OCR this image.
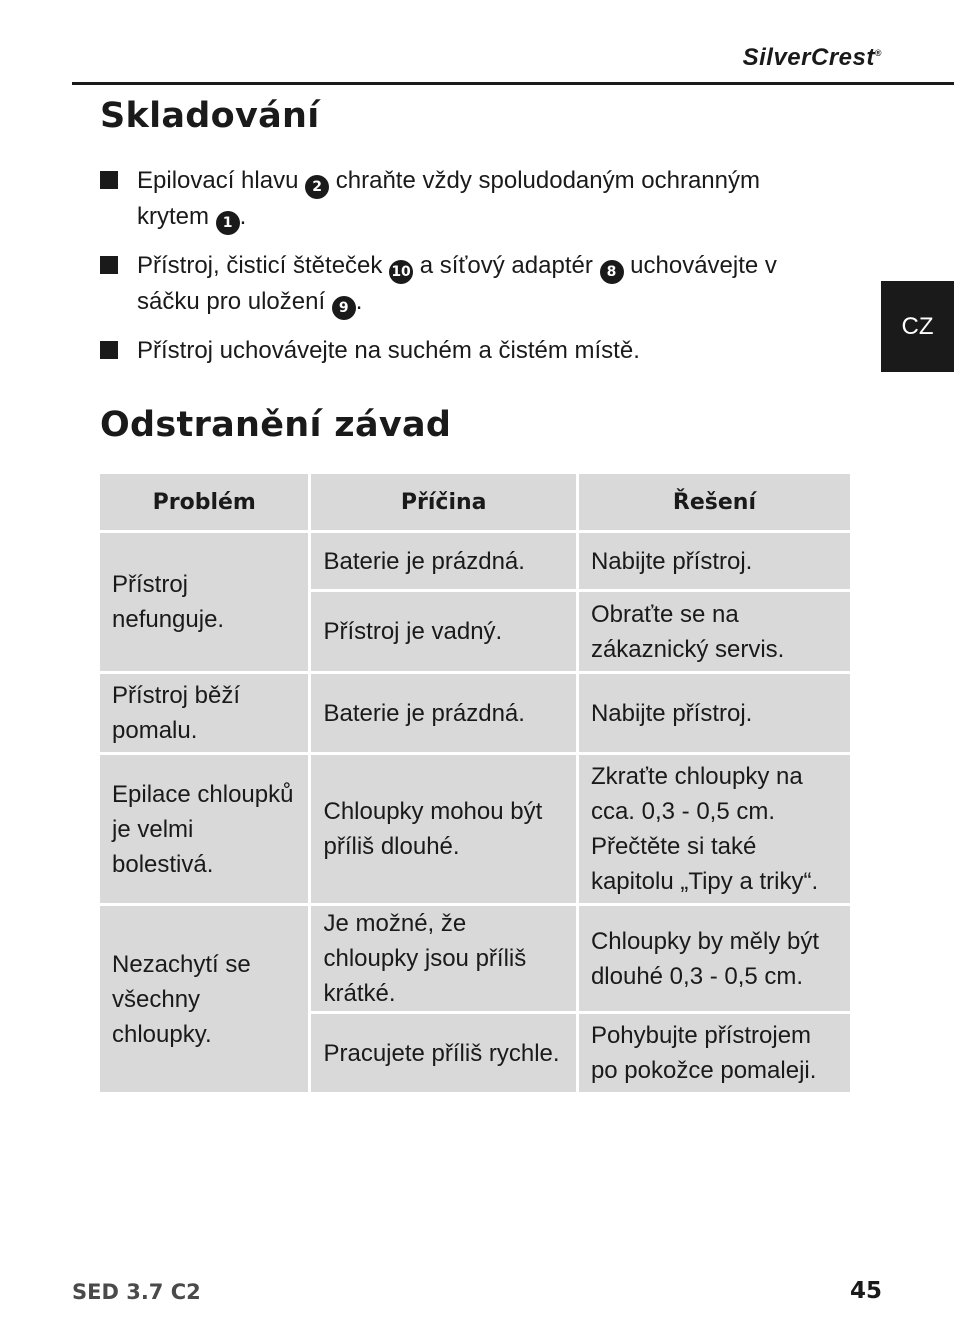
SilverCrest®
CZ
Skladování
Epilovací hlavu 2 chraňte vždy spoludodaným ochranným krytem 1 .
Přístroj, čisticí štěteček 10 a síťový adaptér 8 uchovávejte v sáčku pro uložení 9 .
Přístroj uchovávejte na suchém a čistém místě.
Odstranění závad
Problém	Příčina	Řešení
Přístroj nefunguje.	Baterie je prázdná.	Nabijte přístroj.
	Přístroj je vadný.	Obraťte se na zákaznický servis.
Přístroj běží pomalu.	Baterie je prázdná.	Nabijte přístroj.
Epilace chloupků je velmi bolestivá.	Chloupky mohou být příliš dlouhé.	Zkraťte chloupky na cca. 0,3 - 0,5 cm. Přečtěte si také kapitolu „Tipy a triky“.
Nezachytí se všechny chloupky.	Je možné, že chloupky jsou příliš krátké.	Chloupky by měly být dlouhé 0,3 - 0,5 cm.
	Pracujete příliš rychle.	Pohybujte přístrojem po pokožce pomaleji.
SED 3.7 C2	45
